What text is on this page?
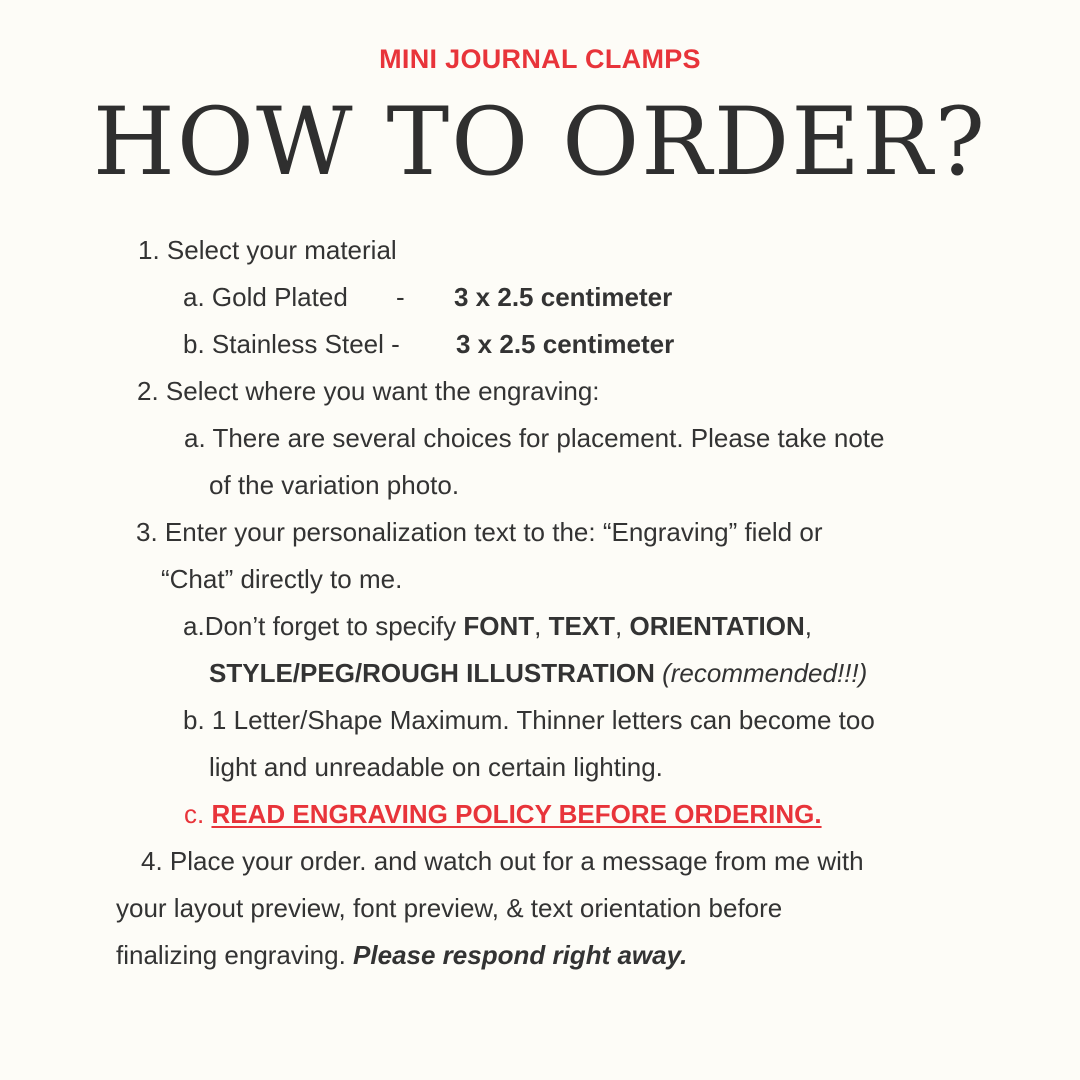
MINI JOURNAL CLAMPS
HOW TO ORDER?
1. Select your material
a. Gold Plated - 3 x 2.5 centimeter
b. Stainless Steel - 3 x 2.5 centimeter
2. Select where you want the engraving:
a. There are several choices for placement. Please take note
of the variation photo.
3. Enter your personalization text to the: “Engraving” field or
“Chat” directly to me.
a.Don’t forget to specify FONT, TEXT, ORIENTATION,
STYLE/PEG/ROUGH ILLUSTRATION (recommended!!!)
b. 1 Letter/Shape Maximum. Thinner letters can become too
light and unreadable on certain lighting.
c. READ ENGRAVING POLICY BEFORE ORDERING.
4. Place your order. and watch out for a message from me with
your layout preview, font preview, & text orientation before
finalizing engraving. Please respond right away.
